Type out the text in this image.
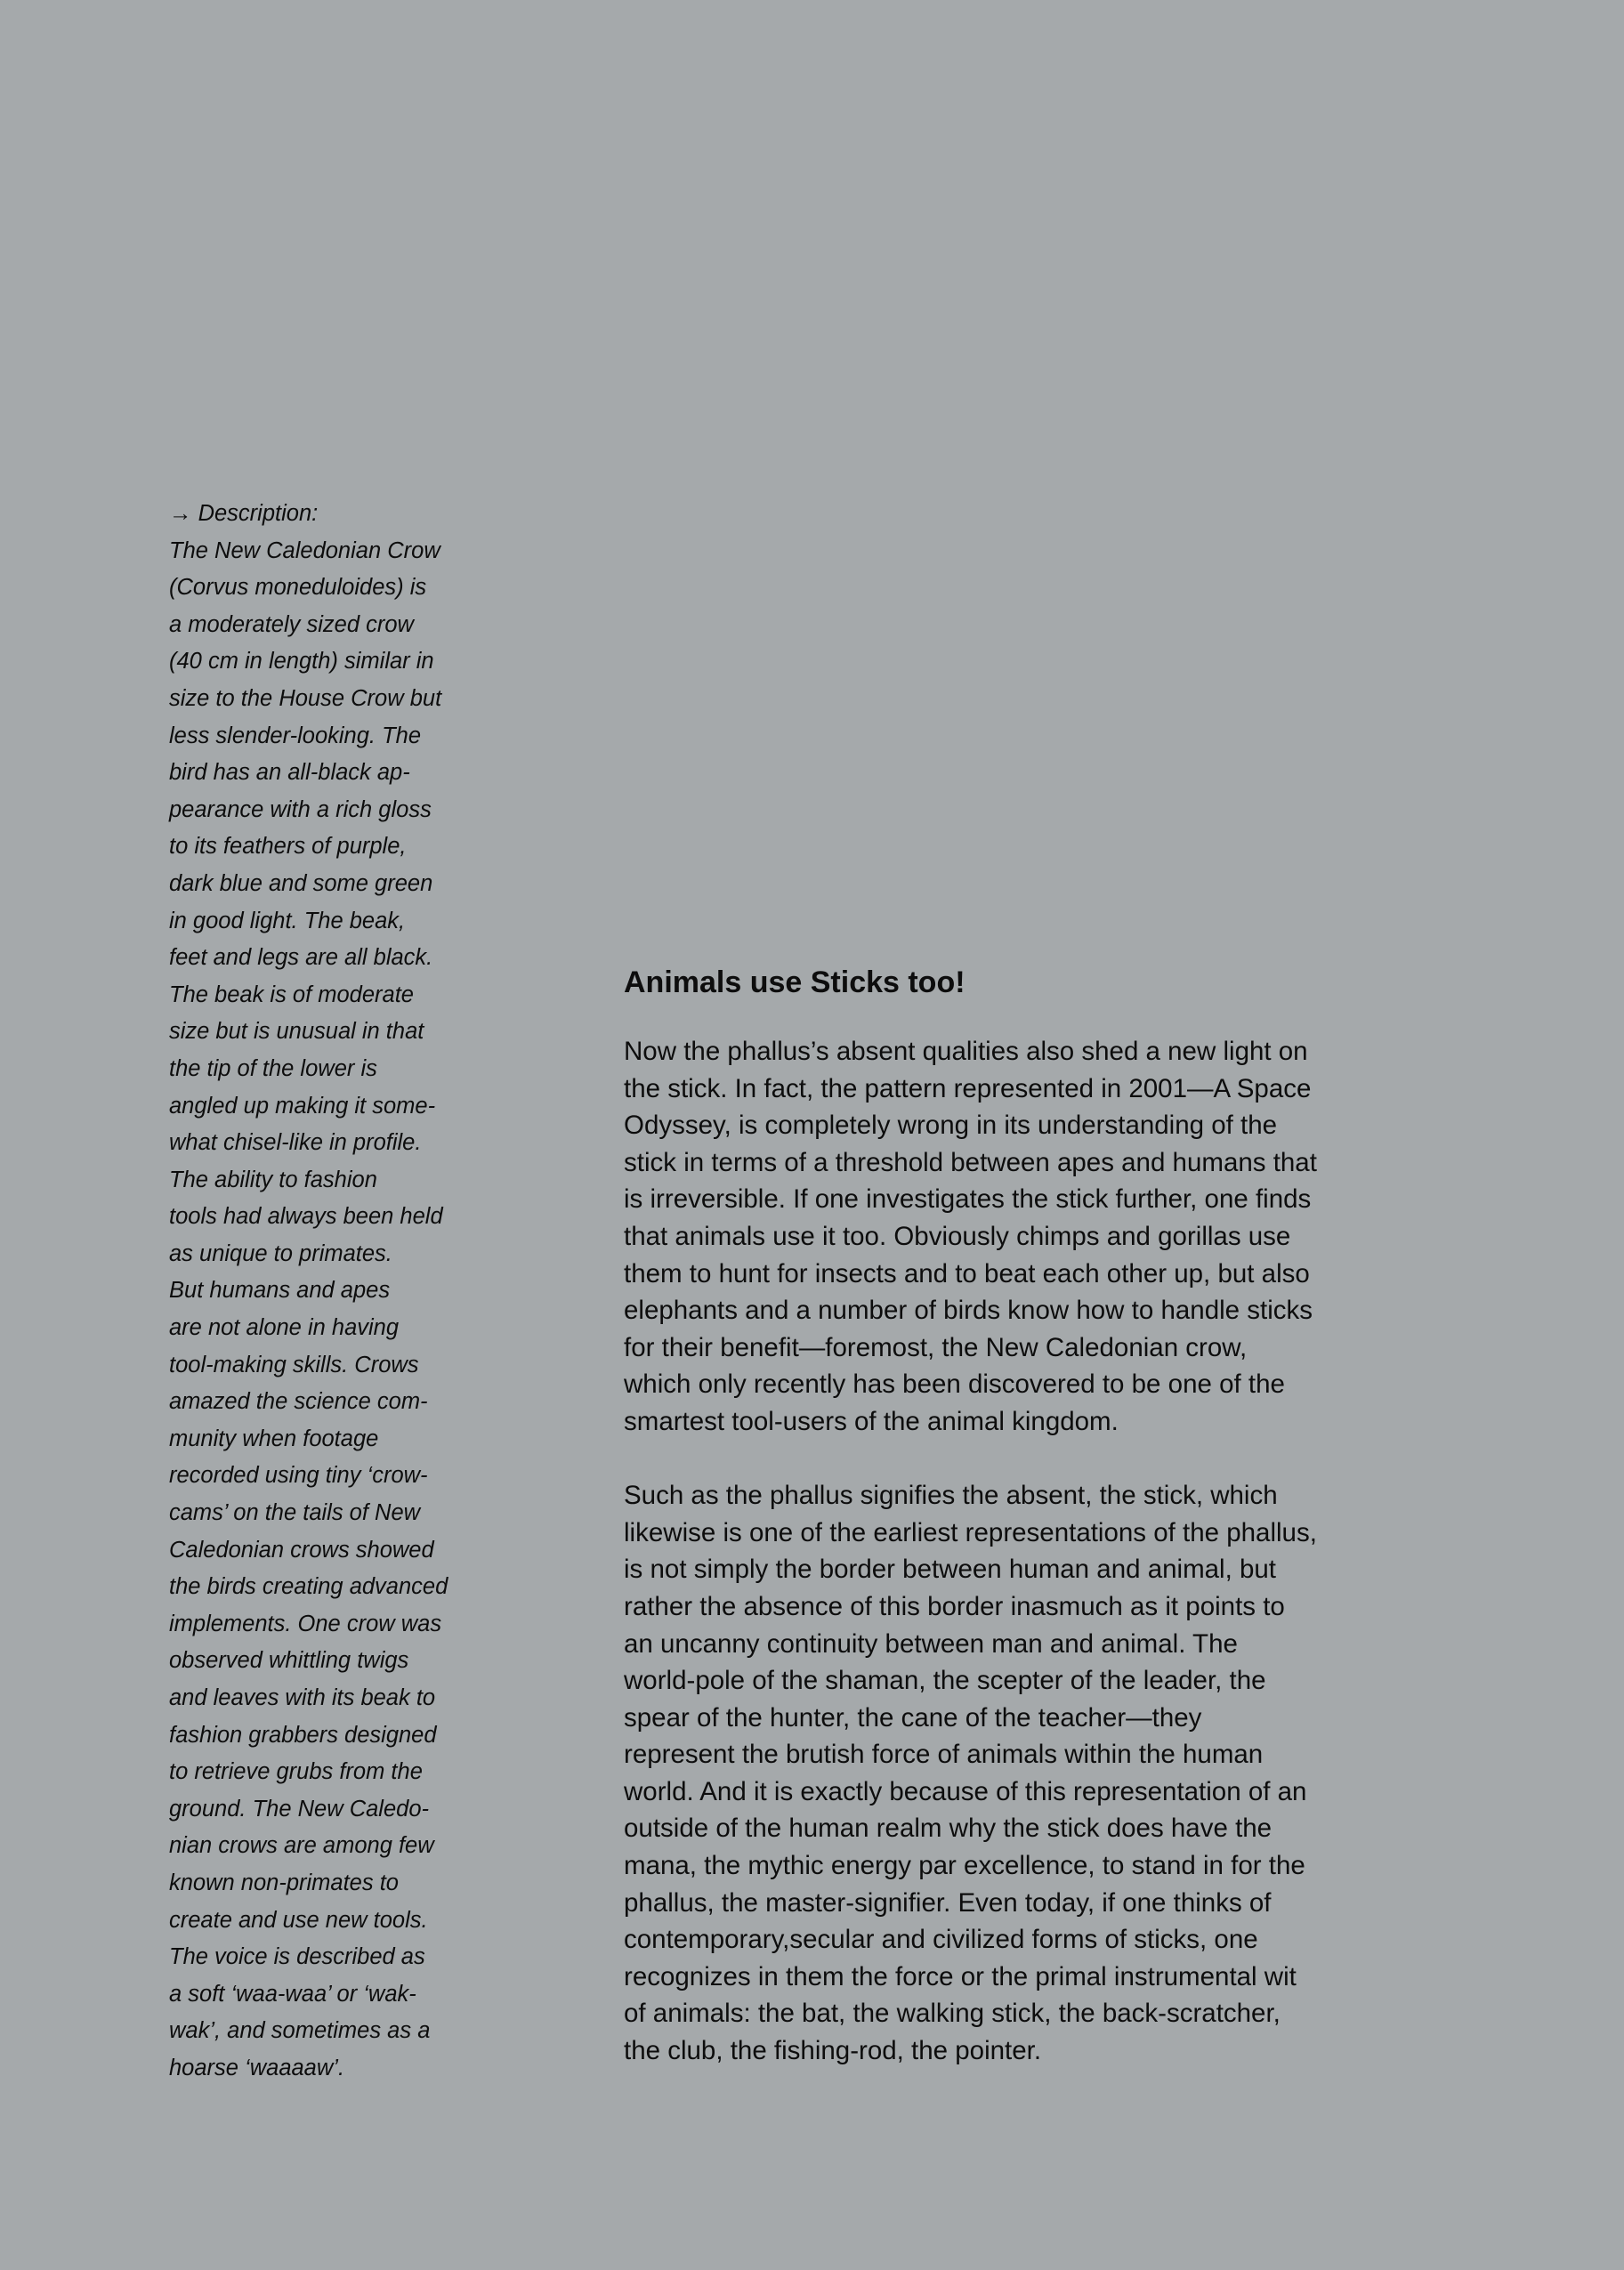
→ Description:
The New Caledonian Crow
(Corvus moneduloides) is
a moderately sized crow
(40 cm in length) similar in
size to the House Crow but
less slender-looking. The
bird has an all-black ap-
pearance with a rich gloss
to its feathers of purple,
dark blue and some green
in good light. The beak,
feet and legs are all black.
The beak is of moderate
size but is unusual in that
the tip of the lower is
angled up making it some-
what chisel-like in profile.
The ability to fashion
tools had always been held
as unique to primates.
But humans and apes
are not alone in having
tool-making skills. Crows
amazed the science com-
munity when footage
recorded using tiny ‘crow-
cams’ on the tails of New
Caledonian crows showed
the birds creating advanced
implements. One crow was
observed whittling twigs
and leaves with its beak to
fashion grabbers designed
to retrieve grubs from the
ground. The New Caledo-
nian crows are among few
known non-primates to
create and use new tools.
The voice is described as
a soft ‘waa-waa’ or ‘wak-
wak’, and sometimes as a
hoarse ‘waaaaw’.
Animals use Sticks too!

Now the phallus’s absent qualities also shed a new light on
the stick. In fact, the pattern represented in 2001—A Space
Odyssey, is completely wrong in its understanding of the
stick in terms of a threshold between apes and humans that
is irreversible. If one investigates the stick further, one finds
that animals use it too. Obviously chimps and gorillas use
them to hunt for insects and to beat each other up, but also
elephants and a number of birds know how to handle sticks
for their benefit—foremost, the New Caledonian crow,
which only recently has been discovered to be one of the
smartest tool-users of the animal kingdom.

Such as the phallus signifies the absent, the stick, which
likewise is one of the earliest representations of the phallus,
is not simply the border between human and animal, but
rather the absence of this border inasmuch as it points to
an uncanny continuity between man and animal. The
world-pole of the shaman, the scepter of the leader, the
spear of the hunter, the cane of the teacher—they
represent the brutish force of animals within the human
world. And it is exactly because of this representation of an
outside of the human realm why the stick does have the
mana, the mythic energy par excellence, to stand in for the
phallus, the master-signifier. Even today, if one thinks of
contemporary,secular and civilized forms of sticks, one
recognizes in them the force or the primal instrumental wit
of animals: the bat, the walking stick, the back-scratcher,
the club, the fishing-rod, the pointer.
